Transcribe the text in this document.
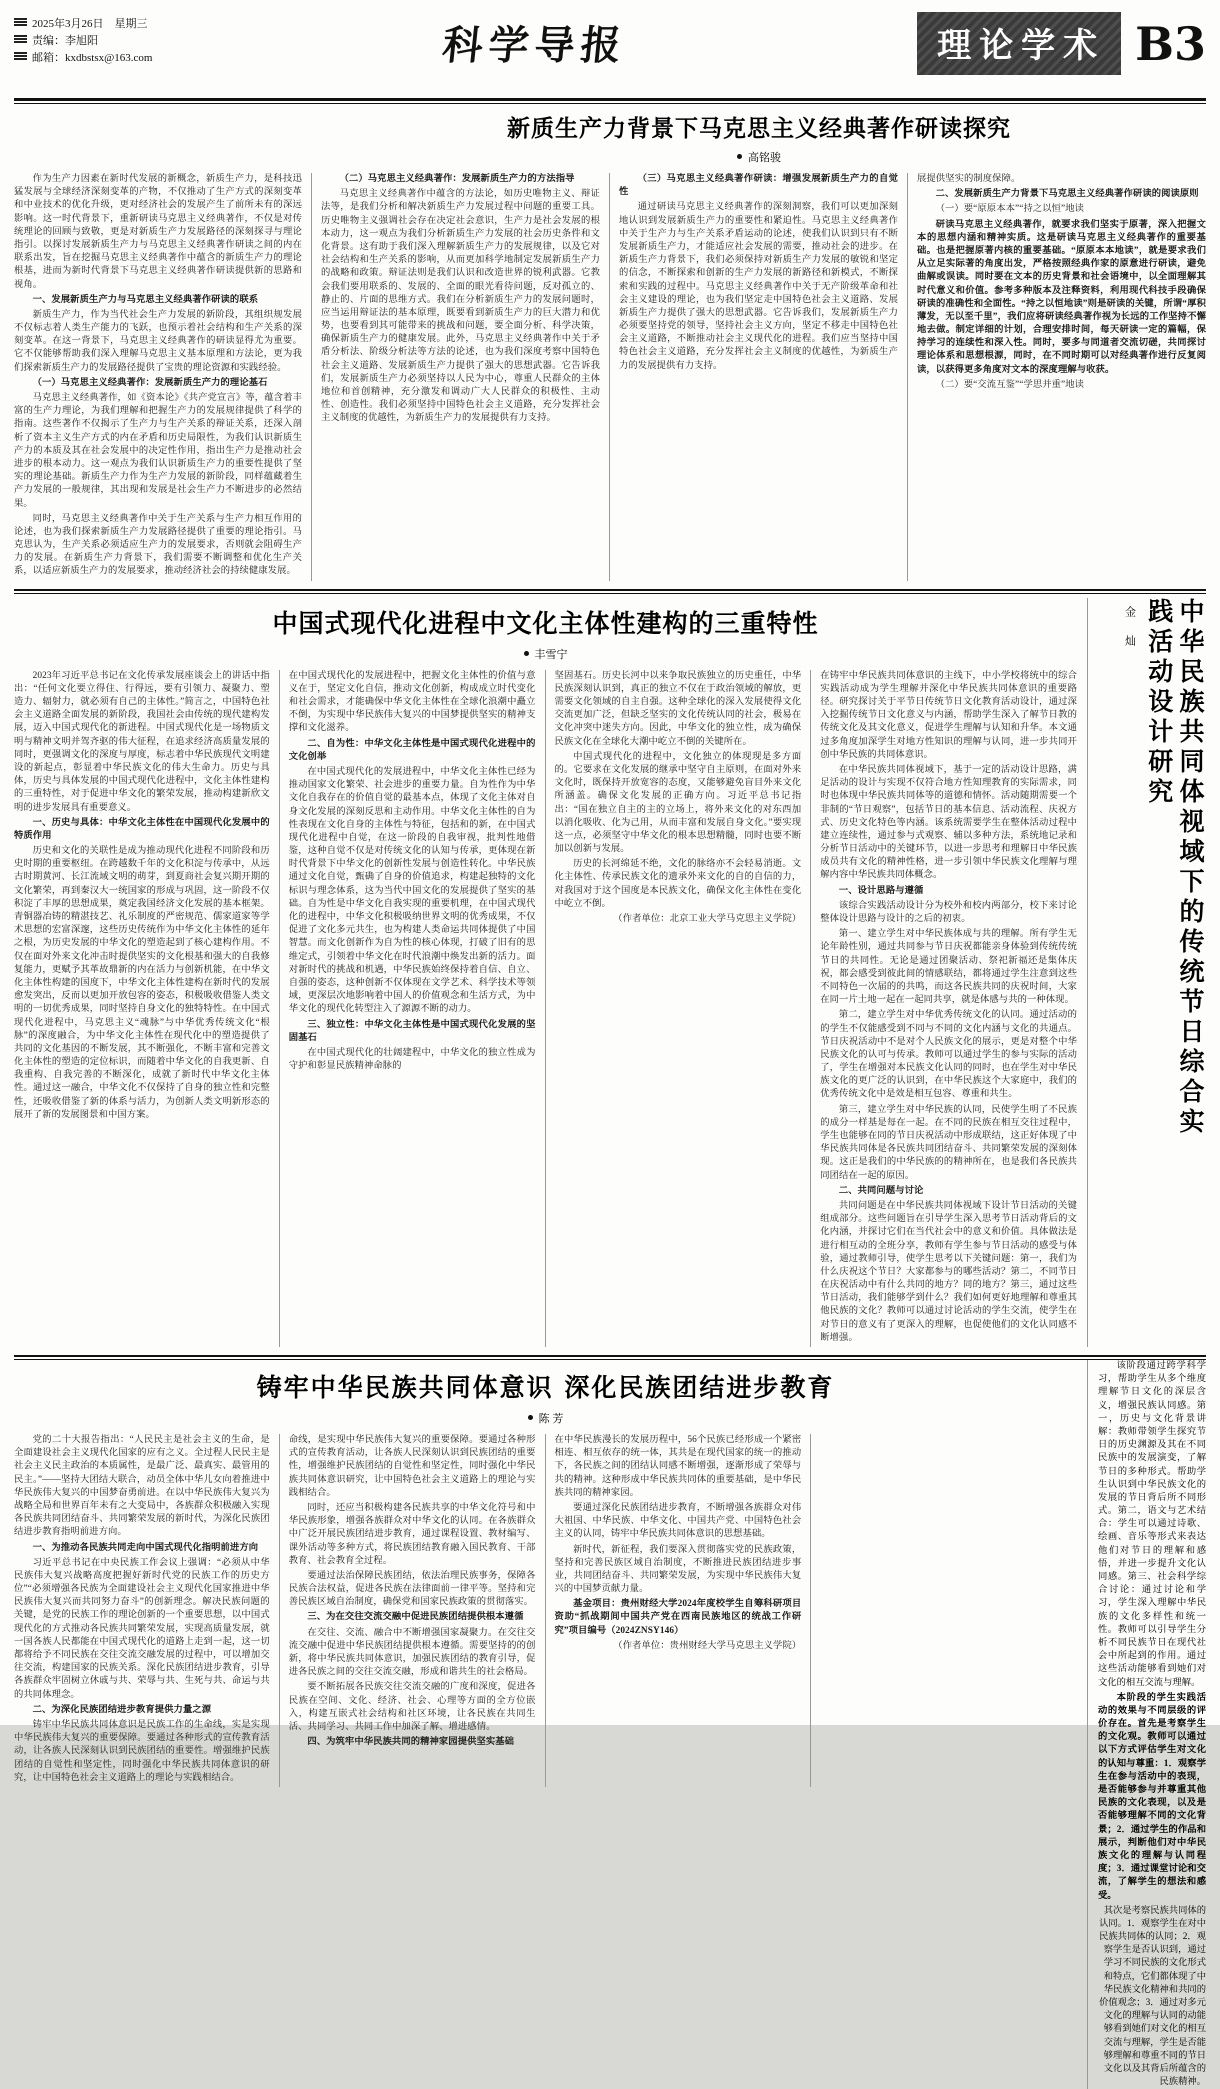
2025年3月26日　星期三
责编：李旭阳
邮箱：kxdbstsx@163.com	科学导报	理论学术 B3
新质生产力背景下马克思主义经典著作研读探究
高铭骏

作为生产力因素在新时代发展的新概念，新质生产力，是科技迅猛发展与全球经济深刻变革的产物，不仅推动了生产方式的深刻变革和中业技术的优化升级，更对经济社会的发展产生了前所未有的深远影响。这一时代背景下，重新研读马克思主义经典著作，不仅是对传统理论的回顾与致敬，更是对新质生产力发展路径的深刻探寻与理论指引。以探讨发展新质生产力与马克思主义经典著作研读之间的内在联系出发，旨在挖掘马克思主义经典著作中蕴含的新质生产力的理论根基，进而为新时代背景下马克思主义经典著作研读提供新的思路和视角。

一、发展新质生产力与马克思主义经典著作研读的联系

新质生产力，作为当代社会生产力发展的新阶段，其组织规发展不仅标志着人类生产能力的飞跃，也预示着社会结构和生产关系的深刻变革。在这一背景下，马克思主义经典著作的研读显得尤为重要。它不仅能够帮助我们深入理解马克思主义基本原理和方法论，更为我们探索新质生产力的发展路径提供了宝贵的理论资源和实践经验。

（一）马克思主义经典著作：发展新质生产力的理论基石

马克思主义经典著作，如《资本论》《共产党宣言》等，蕴含着丰富的生产力理论，为我们理解和把握生产力的发展规律提供了科学的指南。这些著作不仅揭示了生产力与生产关系的辩证关系，还深入剖析了资本主义生产方式的内在矛盾和历史局限性，为我们认识新质生产力的本质及其在社会发展中的决定性作用，指出生产力是推动社会进步的根本动力。这一观点为我们认识新质生产力的重要性提供了坚实的理论基础。新质生产力作为生产力发展的新阶段，同样蕴藏着生产力发展的一般规律，其出现和发展是社会生产力不断进步的必然结果。

同时，马克思主义经典著作中关于生产关系与生产力相互作用的论述，也为我们探索新质生产力发展路径提供了重要的理论指引。马克思认为，生产关系必须适应生产力的发展要求，否则就会阻碍生产力的发展。在新质生产力背景下，我们需要不断调整和优化生产关系，以适应新质生产力的发展要求，推动经济社会的持续健康发展。

（二）马克思主义经典著作：发展新质生产力的方法指导

马克思主义经典著作中蕴含的方法论，如历史唯物主义、辩证法等，是我们分析和解决新质生产力发展过程中问题的重要工具。历史唯物主义强调社会存在决定社会意识，生产力是社会发展的根本动力，这一观点为我们分析新质生产力发展的社会历史条件和文化背景。这有助于我们深入理解新质生产力的发展规律，以及它对社会结构和生产关系的影响，从而更加科学地制定发展新质生产力的战略和政策。辩证法则是我们认识和改造世界的锐利武器。它教会我们要用联系的、发展的、全面的眼光看待问题，反对孤立的、静止的、片面的思维方式。我们在分析新质生产力的发展问题时，应当运用辩证法的基本原理，既要看到新质生产力的巨大潜力和优势，也要看到其可能带来的挑战和问题，要全面分析、科学决策，确保新质生产力的健康发展。此外，马克思主义经典著作中关于矛盾分析法、阶级分析法等方法的论述，也为我们深度考察中国特色社会主义道路、发展新质生产力提供了强大的思想武器。它告诉我们，发展新质生产力必须坚持以人民为中心，尊重人民群众的主体地位和首创精神，充分激发和调动广大人民群众的积极性、主动性、创造性。我们必须坚持中国特色社会主义道路，充分发挥社会主义制度的优越性，为新质生产力的发展提供有力支持。

（三）马克思主义经典著作研读：增强发展新质生产力的自觉性

通过研读马克思主义经典著作的深刻洞察，我们可以更加深刻地认识到发展新质生产力的重要性和紧迫性。马克思主义经典著作中关于生产力与生产关系矛盾运动的论述，使我们认识到只有不断发展新质生产力，才能适应社会发展的需要，推动社会的进步。在新质生产力背景下，我们必须保持对新质生产力发展的敏锐和坚定的信念，不断探索和创新的生产力发展的新路径和新模式，不断探索和实践的过程中。马克思主义经典著作中关于无产阶级革命和社会主义建设的理论，也为我们坚定走中国特色社会主义道路、发展新质生产力提供了强大的思想武器。它告诉我们，发展新质生产力必须要坚持党的领导，坚持社会主义方向，坚定不移走中国特色社会主义道路，不断推动社会主义现代化的进程。我们应当坚持中国特色社会主义道路，充分发挥社会主义制度的优越性，为新质生产力的发展提供有力支持。

展提供坚实的制度保障。

二、发展新质生产力背景下马克思主义经典著作研读的阅读原则

（一）要“原原本本”“持之以恒”地读

研读马克思主义经典著作，就要求我们坚实于原著，深入把握文本的思想内涵和精神实质。这是研读马克思主义经典著作的重要基础。也是把握原著内核的重要基础。“原原本本地读”，就是要求我们从立足实际著的角度出发，严格按照经典作家的原意进行研读，避免曲解或误读。同时要在文本的历史背景和社会语境中，以全面理解其时代意义和价值。参考多种版本及注释资料，利用现代科技手段确保研读的准确性和全面性。“持之以恒地读”则是研读的关键，所谓“厚积薄发，无以至千里”，我们应将研读经典著作视为长远的工作坚持不懈地去做。制定详细的计划，合理安排时间，每天研读一定的篇幅，保持学习的连续性和深入性。同时，要多与同道者交流切磋，共同探讨理论体系和思想根源，同时，在不同时期可以对经典著作进行反复阅读，以获得更多角度对文本的深度理解与收获。

（二）要“交流互鉴”“学思并重”地读

中国式现代化进程中文化主体性建构的三重特性
丰雪宁

2023年习近平总书记在文化传承发展座谈会上的讲话中指出：“任何文化要立得住、行得远，要有引领力、凝聚力、塑造力、辐射力，就必须有自己的主体性。”简言之，中国特色社会主义道路全面发展的新阶段，我国社会由传统的现代建构发展，迈入中国式现代化的新进程。中国式现代化是一场物质文明与精神文明并驾齐驱的伟大征程，在追求经济高质量发展的同时，更强调文化的深度与厚度，标志着中华民族现代文明建设的新起点，彰显着中华民族文化的伟大生命力。历史与具体，历史与具体发展的中国式现代化进程中，文化主体性建构的三重特性，对于促进中华文化的繁荣发展，推动构建新欣文明的进步发展具有重要意义。

一、历史与具体：中华文化主体性在中国现代化发展中的特质作用

历史和文化的关联性是成为推动现代化进程不同阶段和历史时期的重要枢纽。在跨越数千年的文化积淀与传承中，从远古时期黄河、长江流域文明的萌芽，到夏商社会复兴期开期的文化繁荣，再到秦汉大一统国家的形成与巩固，这一阶段不仅积淀了丰厚的思想成果，奠定我国经济文化发展的基本框架。青铜器冶铸的精湛技艺、礼乐制度的严密规范、儒家道家等学术思想的宏富深邃，这些历史传统作为中华文化主体性的延年之根，为历史发展的中华文化的塑造起到了核心建构作用。不仅在面对外来文化冲击时提供坚实的文化根基和强大的自我修复能力，更赋予其革故鼎新的内在活力与创新机能，在中华文化主体性构建的国度下，中华文化主体性建构在新时代的发展愈发突出，反而以更加开放包容的姿态，积极吸收借鉴人类文明的一切优秀成果，同时坚持自身文化的独特特性。在中国式现代化进程中，马克思主义“魂脉”与中华优秀传统文化“根脉”的深度融合，为中华文化主体性在现代化中的塑造提供了共同的文化基因的不断发展，其不断强化，不断丰富和完善文化主体性的塑造的定位标识，而随着中华文化的自我更新、自我重构、自我完善的不断深化，成就了新时代中华文化主体性。通过这一融合，中华文化不仅保持了自身的独立性和完整性，还吸收借鉴了新的体系与活力，为创新人类文明新形态的展开了新的发展图景和中国方案。

在中国式现代化的发展进程中，把握文化主体性的价值与意义在于，坚定文化自信，推动文化创新，构成成立时代变化和社会需求，才能确保中华文化主体性在全球化浪潮中矗立不倒，为实现中华民族伟大复兴的中国梦提供坚实的精神支撑和文化滋养。

二、自为性：中华文化主体性是中国式现代化进程中的文化创举

在中国式现代化的发展进程中，中华文化主体性已经为推动国家文化繁荣、社会进步的重要力量。自为性作为中华文化自我存在的价值自觉的最基本点，体现了文化主体对自身文化发展的深刻反思和主动作用。中华文化主体性的自为性表现在文化自身的主体性与特征，包括和的新，在中国式现代化进程中自觉，在这一阶段的自我审视，批判性地借鉴，这种自觉不仅是对传统文化的认知与传承，更体现在新时代背景下中华文化的创新性发展与创造性转化。中华民族通过文化自觉，甄确了自身的价值追求，构建起独特的文化标识与理念体系，这为当代中国文化的发展提供了坚实的基础。自为性是中华文化自我实现的重要机理，在中国式现代化的进程中，中华文化积极吸纳世界文明的优秀成果，不仅促进了文化多元共生，也为构建人类命运共同体提供了中国智慧。而文化创新作为自为性的核心体现，打破了旧有的思维定式，引领着中华文化在时代浪潮中焕发出新的活力。面对新时代的挑战和机遇，中华民族始终保持着自信、自立、自强的姿态，这种创新不仅体现在文学艺术、科学技术等领域，更深层次地影响着中国人的价值观念和生活方式，为中华文化的现代化转型注入了源源不断的动力。

三、独立性：中华文化主体性是中国式现代化发展的坚固基石

在中国式现代化的壮阔建程中，中华文化的独立性成为守护和彰显民族精神命脉的

坚固基石。历史长河中以来争取民族独立的历史重任，中华民族深刻认识到，真正的独立不仅在于政治领域的解放，更需要文化领域的自主自强。这种全球化的深入发展使得文化交流更加广泛，但缺乏坚实的文化传统认同的社会，极易在文化冲突中迷失方向。因此，中华文化的独立性，成为确保民族文化在全球化大潮中屹立不倒的关键所在。

中国式现代化的进程中，文化独立的体现现是多方面的。它要求在文化发展的继承中坚守自主原则，在面对外来文化时，既保持开放宽容的态度，又能够避免盲目外来文化所涵盖。确保文化发展的正确方向。习近平总书记指出：“国在独立自主的主的立场上，将外来文化的对东西加以消化吸收、化为己用，从而丰富和发展自身文化。”要实现这一点，必须坚守中华文化的根本思想精髓，同时也要不断加以创新与发展。

历史的长河绵延不绝，文化的脉络亦不会轻易消逝。文化主体性、传承民族文化的遗承外来文化的自的自信的力，对我国对于这个国度是本民族文化，确保文化主体性在变化中屹立不倒。

（作者单位：北京工业大学马克思主义学院）

在铸牢中华民族共同体意识的主线下，中小学校将统中的综合实践活动成为学生理解并深化中华民族共同体意识的重要路径。研究探讨关于平节日传统节日文化教育活动设计，通过深入挖掘传统节日文化意义与内涵，帮助学生深入了解节日教的传统文化及其文化意义，促进学生理解与认知和升华。本文通过多角度加深学生对地方性知识的理解与认同，进一步共同开创中华民族的共同体意识。

在中华民族共同体视域下，基于一定的活动设计思路，满足活动的设计与实现不仅符合地方性知理教育的实际需求，同时也体现中华民族共同体等的道德和情怀。活动随期需要一个非制的“节日观察”，包括节日的基本信息、活动流程、庆祝方式、历史文化特色等内涵。该系统需要学生在整体活动过程中建立连续性，通过参与式观察、辅以多种方法，系统地记录和分析节日活动中的关键环节，以进一步思考和理解日中华民族成员共有文化的精神性格，进一步引领中华民族文化理解与理解内容中华民族共同体概念。

一、设计思路与遵循

该综合实践活动设计分为校外和校内两部分，校下来讨论整体设计思路与设计的之后的初衷。

第一、建立学生对中华民族体成与共的理解。所有学生无论年龄性别，通过共同参与节日庆祝都能亲身体验到传统传统节日的共同性。无论是通过团聚活动、祭祀新福还是集体庆祝，都会感受到彼此间的情感联结，都将通过学生注意到这些不同特色一次届的的共鸣，而这各民族共同的庆祝时间，大家在同一片土地一起在一起同共享，就是体感与共的一种体现。

第二，建立学生对中华优秀传统文化的认同。通过活动的的学生不仅能感受到不同与不同的文化内涵与文化的共通点。节日庆祝活动中不是对个人民族文化的展示，更是对整个中华民族文化的认可与传承。教师可以通过学生的参与实际的活动了，学生在增强对本民族文化认同的同时，也在学生对中华民族文化的更广泛的认识到，在中华民族这个大家庭中，我们的优秀传统文化中是效是相互包容、尊重和共生。

第三，建立学生对中华民族的认同，民使学生明了不民族的成分一样基是每在一起。在不同的民族在相互交往过程中，学生也能够在同的节日庆祝活动中形成联结，这正好体现了中华民族共同体是各民族共同团结奋斗、共同繁荣发展的深刻体现。这正是我们的中华民族的的精神所在，也是我们各民族共同团结在一起的原因。

二、共同问题与讨论

共同问题是在中华民族共同体视域下设计节日活动的关键组成部分。这些问题旨在引导学生深入思考节日活动背后的文化内涵，并探讨它们在当代社会中的意义和价值。具体做法是进行相互动的全班分享，教师有学生参与节日活动的感受与体验，通过教师引导，使学生思考以下关键问题：第一，我们为什么庆祝这个节日？大家都参与的哪些活动？第二，不同节日在庆祝活动中有什么共同的地方？同的地方？第三，通过这些节日活动，我们能够学到什么？我们如何更好地理解和尊重其他民族的文化？教师可以通过讨论活动的学生交流，使学生在对节日的意义有了更深入的理解，也促使他们的文化认同感不断增强。

中华民族共同体视域下的传统节日综合实践活动设计研究
金 灿
铸牢中华民族共同体意识 深化民族团结进步教育
陈 芳

党的二十大报告指出：“人民民主是社会主义的生命，是全面建设社会主义现代化国家的应有之义。全过程人民民主是社会主义民主政治的本质属性，是最广泛、最真实、最管用的民主。”——坚持大团结大联合，动员全体中华儿女向着推进中华民族伟大复兴的中国梦奋勇前进。在以中华民族伟大复兴为战略全局和世界百年未有之大变局中，各族群众积极融入实现各民族共同团结奋斗、共同繁荣发展的新时代，为深化民族团结进步教育指明前进方向。

一、为推动各民族共同走向中国式现代化指明前进方向

习近平总书记在中央民族工作会议上强调：“必须从中华民族伟大复兴战略高度把握好新时代党的民族工作的历史方位”“必须增强各民族为全面建设社会主义现代化国家推进中华民族伟大复兴而共同努力奋斗”的创新理念。解决民族问题的关键，是党的民族工作的理论创新的一个重要思想，以中国式现代化的方式推动各民族共同繁荣发展，实现高质量发展，就一国各族人民都能在中国式现代化的道路上走到一起，这一切都将给予不同民族在交往交流交融发展的过程中，可以增加交往交流，构建国家的民族关系。深化民族团结进步教育，引导各族群众牢固树立休戚与共、荣辱与共、生死与共、命运与共的共同体理念。

二、为深化民族团结进步教育提供力量之源

铸牢中华民族共同体意识是民族工作的生命线，实是实现中华民族伟大复兴的重要保障。要通过各种形式的宣传教育活动，让各族人民深刻认识到民族团结的重要性。增强维护民族团结的自觉性和坚定性，同时强化中华民族共同体意识的研究，让中国特色社会主义道路上的理论与实践相结合。

命线，是实现中华民族伟大复兴的重要保障。要通过各种形式的宣传教育活动，让各族人民深刻认识到民族团结的重要性，增强维护民族团结的自觉性和坚定性，同时强化中华民族共同体意识研究，让中国特色社会主义道路上的理论与实践相结合。

同时，还应当积极构建各民族共享的中华文化符号和中华民族形象，增强各族群众对中华文化的认同。在各族群众中广泛开展民族团结进步教育，通过课程设置、教材编写、课外活动等多种方式，将民族团结教育融入国民教育、干部教育、社会教育全过程。

要通过法治保障民族团结，依法治理民族事务，保障各民族合法权益，促进各民族在法律面前一律平等。坚持和完善民族区域自治制度，确保党和国家民族政策的贯彻落实。

三、为在交往交流交融中促进民族团结提供根本遵循

在交往、交流、融合中不断增强国家凝聚力。在交往交流交融中促进中华民族团结提供根本遵循。需要坚持的的创新，将中华民族共同体意识，加强民族团结的教育引导，促进各民族之间的交往交流交融，形成和谐共生的社会格局。

要不断拓展各民族交往交流交融的广度和深度，促进各民族在空间、文化、经济、社会、心理等方面的全方位嵌入，构建互嵌式社会结构和社区环境，让各民族在共同生活、共同学习、共同工作中加深了解、增进感情。

四、为筑牢中华民族共同的精神家园提供坚实基础

在中华民族漫长的发展历程中，56个民族已经形成一个紧密相连、相互依存的统一体，其共是在现代国家的统一的推动下，各民族之间的团结认同感不断增强，逐渐形成了荣辱与共的精神。这种形成中华民族共同体的重要基础，是中华民族共同的精神家园。

要通过深化民族团结进步教育，不断增强各族群众对伟大祖国、中华民族、中华文化、中国共产党、中国特色社会主义的认同，铸牢中华民族共同体意识的思想基础。

新时代，新征程，我们要深入贯彻落实党的民族政策，坚持和完善民族区域自治制度，不断推进民族团结进步事业，共同团结奋斗、共同繁荣发展，为实现中华民族伟大复兴的中国梦贡献力量。

基金项目：贵州财经大学2024年度校学生自筹科研项目资助“抓战期间中国共产党在西南民族地区的统战工作研究”项目编号（2024ZNSY146）

（作者单位：贵州财经大学马克思主义学院）

该阶段通过跨学科学习，帮助学生从多个维度理解节日文化的深层含义，增强民族认同感。第一，历史与文化背景讲解：教师带领学生探究节日的历史渊源及其在不同民族中的发展演变，了解节日的多种形式。帮助学生认识到中华民族文化的发展的节日背后所不同形式。第二，语文与艺术结合：学生可以通过诗歌、绘画、音乐等形式来表达他们对节日的理解和感悟，并进一步提升文化认同感。第三、社会科学综合讨论：通过讨论和学习，学生深入理解中华民族的文化多样性和统一性。教师可以引导学生分析不同民族节日在现代社会中所起到的作用。通过这些活动能够看到她们对文化的相互交流与理解。

本阶段的学生实践活动的效果与不同层级的评价存在。首先是考察学生的文化观。教师可以通过以下方式评估学生对文化的认知与尊重：1．观察学生在参与活动中的表现，是否能够参与并尊重其他民族的文化表现，以及是否能够理解不同的文化背景；2．通过学生的作品和展示，判断他们对中华民族文化的理解与认同程度；3．通过课堂讨论和交流，了解学生的想法和感受。

其次是考察民族共同体的认同。1．观察学生在对中民族共同体的认同；2．观察学生是否认识到，通过学习不同民族的文化形式和特点，它们都体现了中华民族文化精神和共同的价值观念；3．通过对多元文化的理解与认同的动能够看到她们对文化的相互交流与理解，学生是否能够理解和尊重不同的节日文化以及其背后所蕴含的民族精神。
